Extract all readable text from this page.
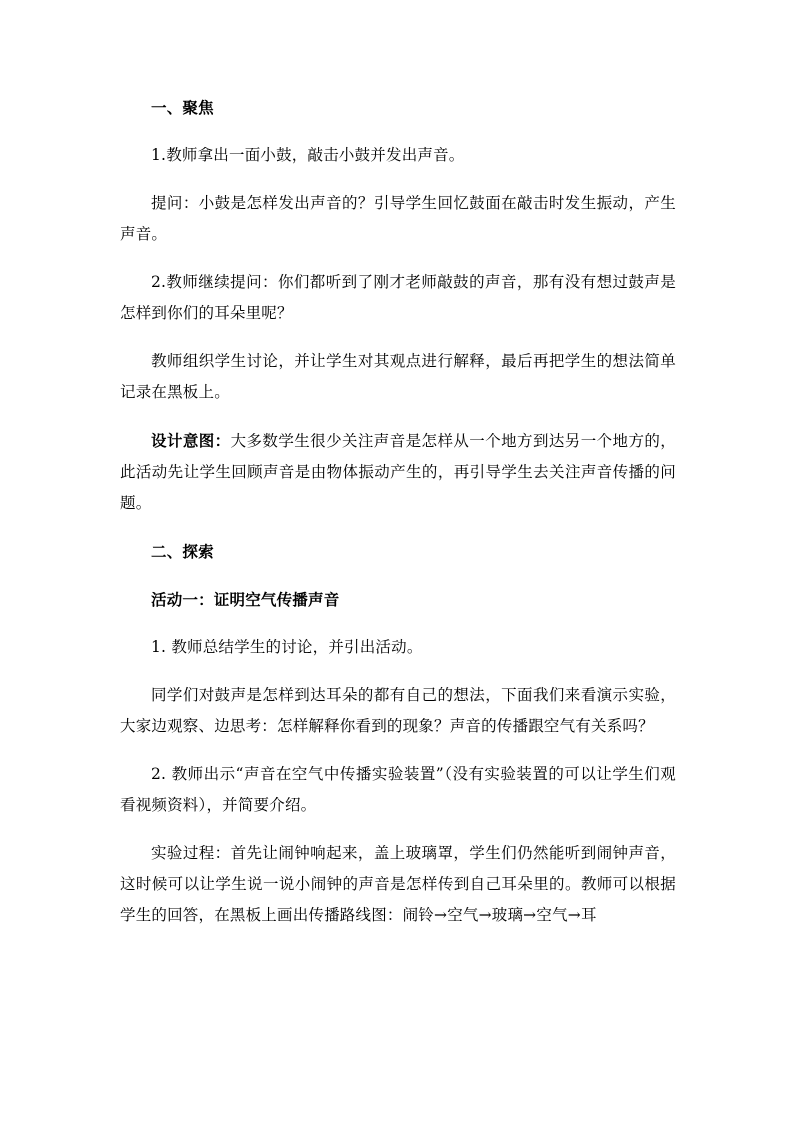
一、聚焦

1.教师拿出一面小鼓，敲击小鼓并发出声音。

提问：小鼓是怎样发出声音的？引导学生回忆鼓面在敲击时发生振动，产生声音。

2.教师继续提问：你们都听到了刚才老师敲鼓的声音，那有没有想过鼓声是怎样到你们的耳朵里呢？

教师组织学生讨论，并让学生对其观点进行解释，最后再把学生的想法简单记录在黑板上。

设计意图：大多数学生很少关注声音是怎样从一个地方到达另一个地方的，此活动先让学生回顾声音是由物体振动产生的，再引导学生去关注声音传播的问题。

二、探索

活动一：证明空气传播声音

1. 教师总结学生的讨论，并引出活动。

同学们对鼓声是怎样到达耳朵的都有自己的想法，下面我们来看演示实验，大家边观察、边思考：怎样解释你看到的现象？声音的传播跟空气有关系吗？

2. 教师出示“声音在空气中传播实验装置”（没有实验装置的可以让学生们观看视频资料），并简要介绍。

实验过程：首先让闹钟响起来，盖上玻璃罩，学生们仍然能听到闹钟声音，这时候可以让学生说一说小闹钟的声音是怎样传到自己耳朵里的。教师可以根据学生的回答，在黑板上画出传播路线图：闹铃→空气→玻璃→空气→耳
